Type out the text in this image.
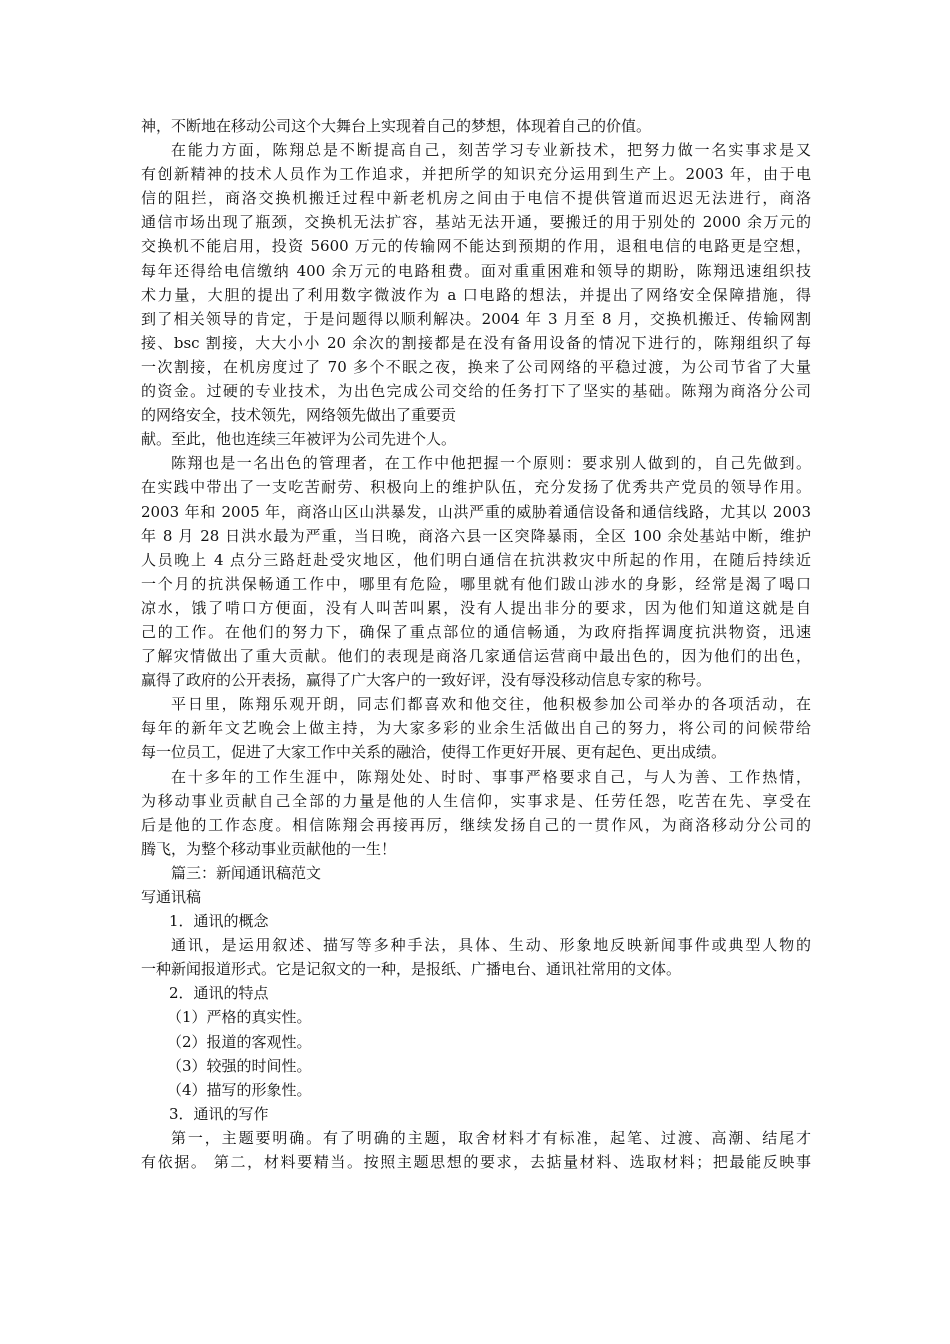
神，不断地在移动公司这个大舞台上实现着自己的梦想，体现着自己的价值。
在能力方面，陈翔总是不断提高自己，刻苦学习专业新技术，把努力做一名实事求是又
有创新精神的技术人员作为工作追求，并把所学的知识充分运用到生产上。2003 年，由于电
信的阻拦，商洛交换机搬迁过程中新老机房之间由于电信不提供管道而迟迟无法进行，商洛
通信市场出现了瓶颈，交换机无法扩容，基站无法开通，要搬迁的用于别处的 2000 余万元的
交换机不能启用，投资 5600 万元的传输网不能达到预期的作用，退租电信的电路更是空想，
每年还得给电信缴纳 400 余万元的电路租费。面对重重困难和领导的期盼，陈翔迅速组织技
术力量，大胆的提出了利用数字微波作为 a 口电路的想法，并提出了网络安全保障措施，得
到了相关领导的肯定，于是问题得以顺利解决。2004 年 3 月至 8 月，交换机搬迁、传输网割
接、bsc 割接，大大小小 20 余次的割接都是在没有备用设备的情况下进行的，陈翔组织了每
一次割接，在机房度过了 70 多个不眠之夜，换来了公司网络的平稳过渡，为公司节省了大量
的资金。过硬的专业技术，为出色完成公司交给的任务打下了坚实的基础。陈翔为商洛分公司
的网络安全，技术领先，网络领先做出了重要贡
献。至此，他也连续三年被评为公司先进个人。
陈翔也是一名出色的管理者，在工作中他把握一个原则：要求别人做到的，自己先做到。
在实践中带出了一支吃苦耐劳、积极向上的维护队伍，充分发扬了优秀共产党员的领导作用。
2003 年和 2005 年，商洛山区山洪暴发，山洪严重的威胁着通信设备和通信线路，尤其以 2003
年 8 月 28 日洪水最为严重，当日晚，商洛六县一区突降暴雨，全区 100 余处基站中断，维护
人员晚上 4 点分三路赶赴受灾地区，他们明白通信在抗洪救灾中所起的作用，在随后持续近
一个月的抗洪保畅通工作中，哪里有危险，哪里就有他们跋山涉水的身影，经常是渴了喝口
凉水，饿了啃口方便面，没有人叫苦叫累，没有人提出非分的要求，因为他们知道这就是自
己的工作。在他们的努力下，确保了重点部位的通信畅通，为政府指挥调度抗洪物资，迅速
了解灾情做出了重大贡献。他们的表现是商洛几家通信运营商中最出色的，因为他们的出色，
赢得了政府的公开表扬，赢得了广大客户的一致好评，没有辱没移动信息专家的称号。
平日里，陈翔乐观开朗，同志们都喜欢和他交往，他积极参加公司举办的各项活动，在
每年的新年文艺晚会上做主持，为大家多彩的业余生活做出自己的努力，将公司的问候带给
每一位员工，促进了大家工作中关系的融洽，使得工作更好开展、更有起色、更出成绩。
在十多年的工作生涯中，陈翔处处、时时、事事严格要求自己，与人为善、工作热情，
为移动事业贡献自己全部的力量是他的人生信仰，实事求是、任劳任怨，吃苦在先、享受在
后是他的工作态度。相信陈翔会再接再厉，继续发扬自己的一贯作风，为商洛移动分公司的
腾飞，为整个移动事业贡献他的一生！
篇三：新闻通讯稿范文
写通讯稿
1．通讯的概念
通讯，是运用叙述、描写等多种手法，具体、生动、形象地反映新闻事件或典型人物的
一种新闻报道形式。它是记叙文的一种，是报纸、广播电台、通讯社常用的文体。
2．通讯的特点
（1）严格的真实性。
（2）报道的客观性。
（3）较强的时间性。
（4）描写的形象性。
3．通讯的写作
第一，主题要明确。有了明确的主题，取舍材料才有标准，起笔、过渡、高潮、结尾才
有依据。 第二，材料要精当。按照主题思想的要求，去掂量材料、选取材料；把最能反映事
